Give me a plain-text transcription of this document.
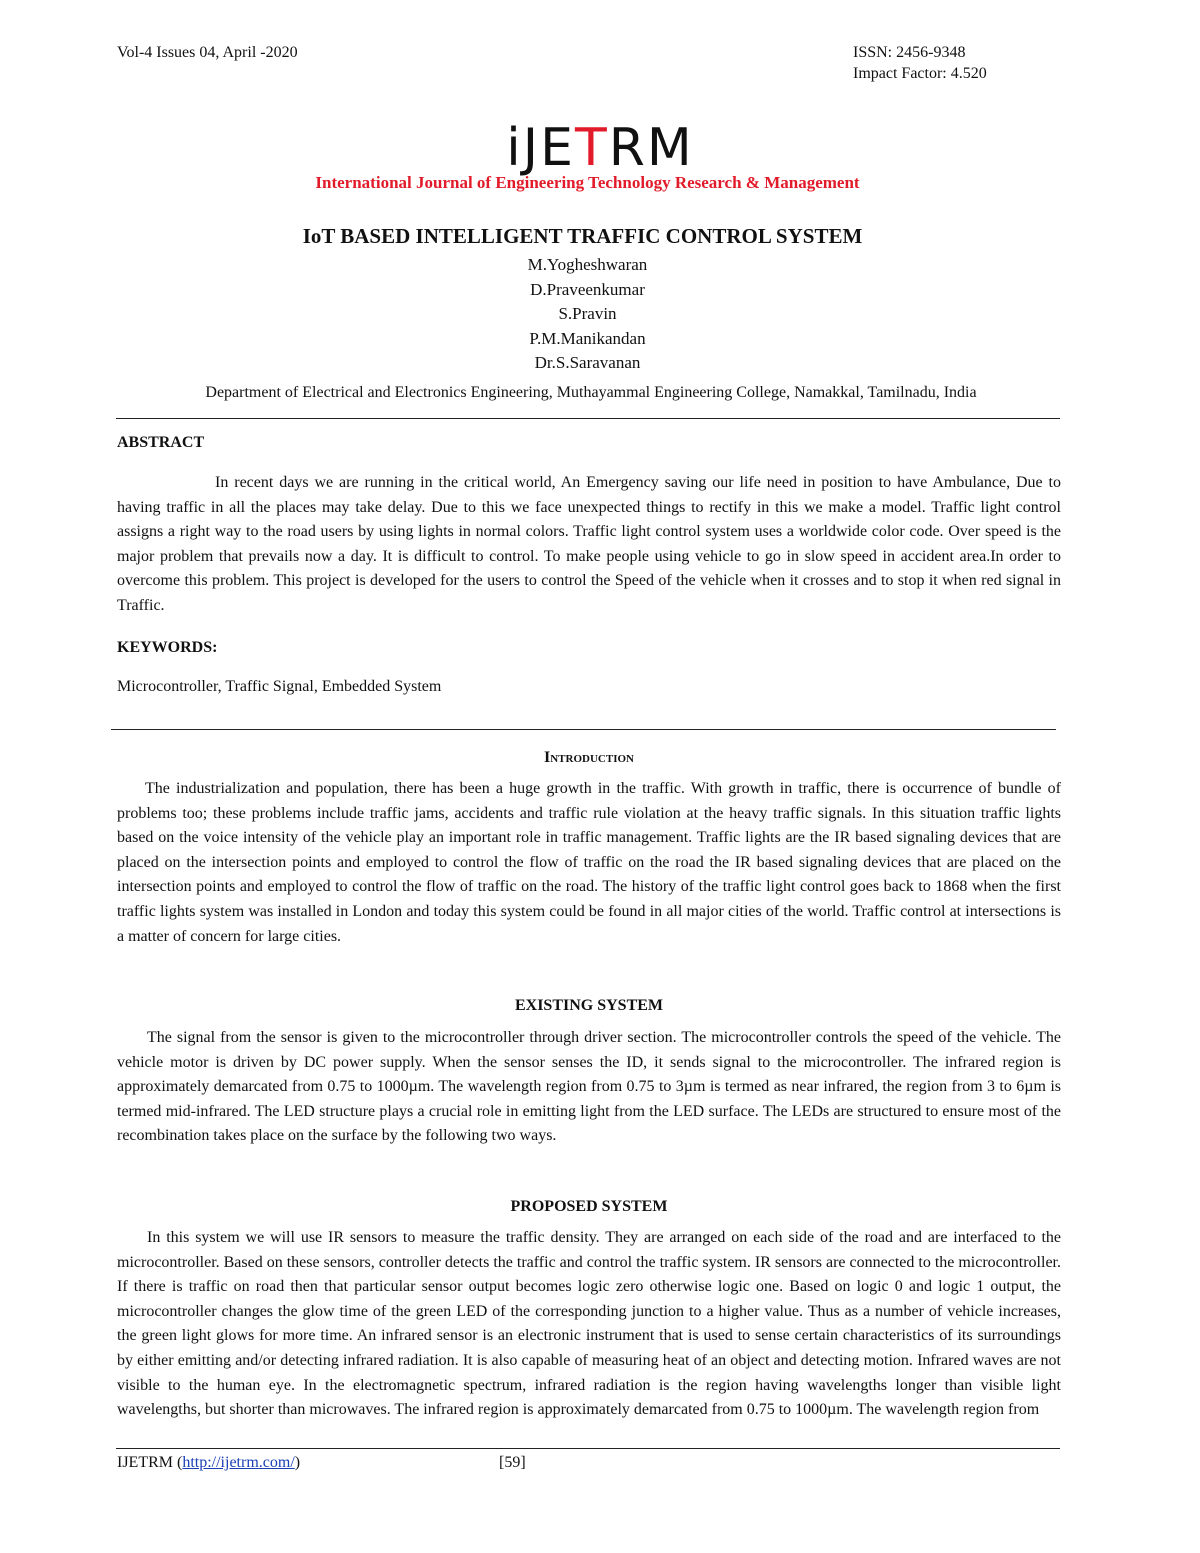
Vol-4 Issues 04, April -2020	ISSN: 2456-9348
Impact Factor: 4.520
iJETRM
International Journal of Engineering Technology Research & Management
IoT BASED INTELLIGENT TRAFFIC CONTROL SYSTEM
M.Yogheshwaran
D.Praveenkumar
S.Pravin
P.M.Manikandan
Dr.S.Saravanan
Department of Electrical and Electronics Engineering, Muthayammal Engineering College, Namakkal, Tamilnadu, India
ABSTRACT
In recent days we are running in the critical world, An Emergency saving our life need in position to have Ambulance, Due to having traffic in all the places may take delay. Due to this we face unexpected things to rectify in this we make a model. Traffic light control assigns a right way to the road users by using lights in normal colors. Traffic light control system uses a worldwide color code. Over speed is the major problem that prevails now a day. It is difficult to control. To make people using vehicle to go in slow speed in accident area.In order to overcome this problem. This project is developed for the users to control the Speed of the vehicle when it crosses and to stop it when red signal in Traffic.
KEYWORDS:
Microcontroller, Traffic Signal, Embedded System
Introduction
The industrialization and population, there has been a huge growth in the traffic. With growth in traffic, there is occurrence of bundle of problems too; these problems include traffic jams, accidents and traffic rule violation at the heavy traffic signals. In this situation traffic lights based on the voice intensity of the vehicle play an important role in traffic management. Traffic lights are the IR based signaling devices that are placed on the intersection points and employed to control the flow of traffic on the road the IR based signaling devices that are placed on the intersection points and employed to control the flow of traffic on the road. The history of the traffic light control goes back to 1868 when the first traffic lights system was installed in London and today this system could be found in all major cities of the world. Traffic control at intersections is a matter of concern for large cities.
EXISTING SYSTEM
The signal from the sensor is given to the microcontroller through driver section. The microcontroller controls the speed of the vehicle. The vehicle motor is driven by DC power supply. When the sensor senses the ID, it sends signal to the microcontroller. The infrared region is approximately demarcated from 0.75 to 1000µm. The wavelength region from 0.75 to 3µm is termed as near infrared, the region from 3 to 6µm is termed mid-infrared. The LED structure plays a crucial role in emitting light from the LED surface. The LEDs are structured to ensure most of the recombination takes place on the surface by the following two ways.
PROPOSED SYSTEM
In this system we will use IR sensors to measure the traffic density. They are arranged on each side of the road and are interfaced to the microcontroller. Based on these sensors, controller detects the traffic and control the traffic system. IR sensors are connected to the microcontroller. If there is traffic on road then that particular sensor output becomes logic zero otherwise logic one. Based on logic 0 and logic 1 output, the microcontroller changes the glow time of the green LED of the corresponding junction to a higher value. Thus as a number of vehicle increases, the green light glows for more time. An infrared sensor is an electronic instrument that is used to sense certain characteristics of its surroundings by either emitting and/or detecting infrared radiation. It is also capable of measuring heat of an object and detecting motion. Infrared waves are not visible to the human eye. In the electromagnetic spectrum, infrared radiation is the region having wavelengths longer than visible light wavelengths, but shorter than microwaves. The infrared region is approximately demarcated from 0.75 to 1000µm. The wavelength region from
IJETRM (http://ijetrm.com/)	[59]
